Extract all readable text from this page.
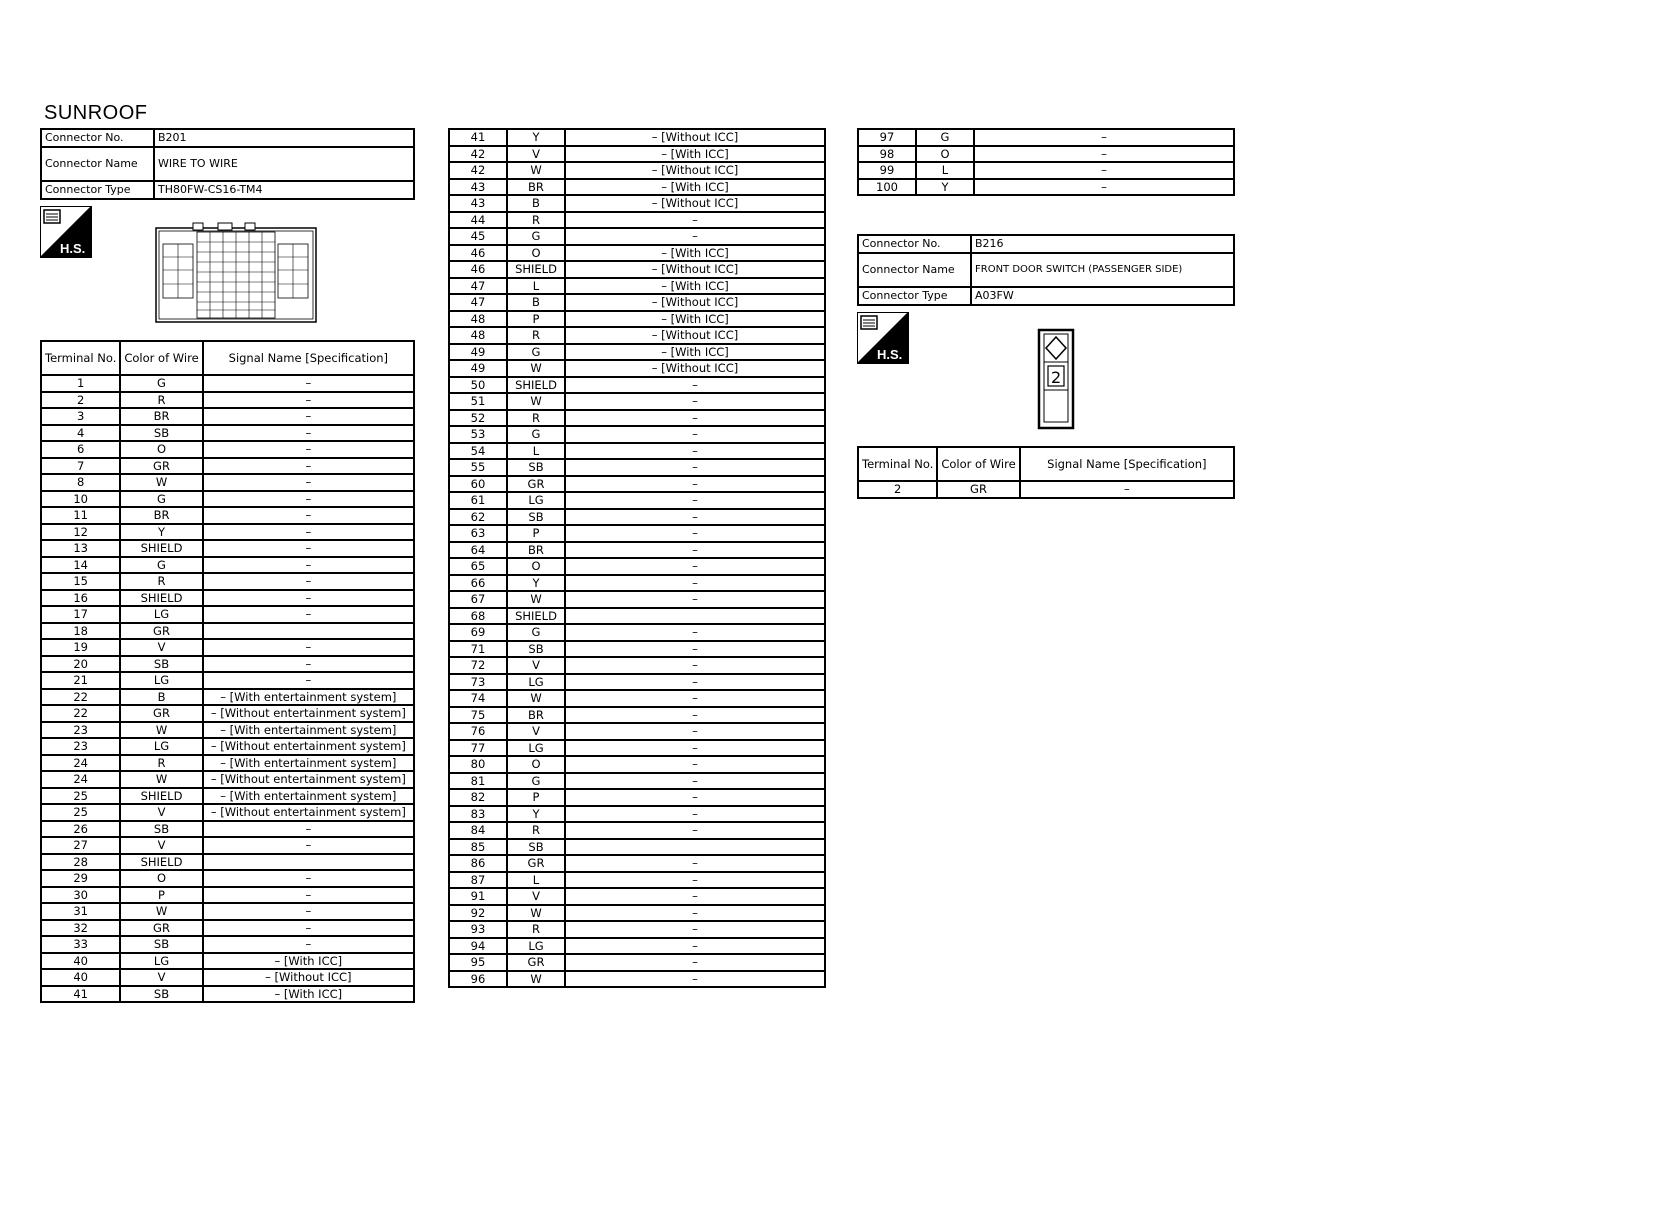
SUNROOF
Connector No.	B201
Connector Name	WIRE TO WIRE
Connector Type	TH80FW-CS16-TM4
H.S.
Terminal No.	Color of Wire	Signal Name [Specification]
1	G	–
2	R	–
3	BR	–
4	SB	–
6	O	–
7	GR	–
8	W	–
10	G	–
11	BR	–
12	Y	–
13	SHIELD	–
14	G	–
15	R	–
16	SHIELD	–
17	LG	–
18	GR	
19	V	–
20	SB	–
21	LG	–
22	B	– [With entertainment system]
22	GR	– [Without entertainment system]
23	W	– [With entertainment system]
23	LG	– [Without entertainment system]
24	R	– [With entertainment system]
24	W	– [Without entertainment system]
25	SHIELD	– [With entertainment system]
25	V	– [Without entertainment system]
26	SB	–
27	V	–
28	SHIELD	
29	O	–
30	P	–
31	W	–
32	GR	–
33	SB	–
40	LG	– [With ICC]
40	V	– [Without ICC]
41	SB	– [With ICC]
41	Y	– [Without ICC]
42	V	– [With ICC]
42	W	– [Without ICC]
43	BR	– [With ICC]
43	B	– [Without ICC]
44	R	–
45	G	–
46	O	– [With ICC]
46	SHIELD	– [Without ICC]
47	L	– [With ICC]
47	B	– [Without ICC]
48	P	– [With ICC]
48	R	– [Without ICC]
49	G	– [With ICC]
49	W	– [Without ICC]
50	SHIELD	–
51	W	–
52	R	–
53	G	–
54	L	–
55	SB	–
60	GR	–
61	LG	–
62	SB	–
63	P	–
64	BR	–
65	O	–
66	Y	–
67	W	–
68	SHIELD	
69	G	–
71	SB	–
72	V	–
73	LG	–
74	W	–
75	BR	–
76	V	–
77	LG	–
80	O	–
81	G	–
82	P	–
83	Y	–
84	R	–
85	SB	
86	GR	–
87	L	–
91	V	–
92	W	–
93	R	–
94	LG	–
95	GR	–
96	W	–
97	G	–
98	O	–
99	L	–
100	Y	–
Connector No.	B216
Connector Name	FRONT DOOR SWITCH (PASSENGER SIDE)
Connector Type	A03FW
H.S.
2
Terminal No.	Color of Wire	Signal Name [Specification]
2	GR	–
